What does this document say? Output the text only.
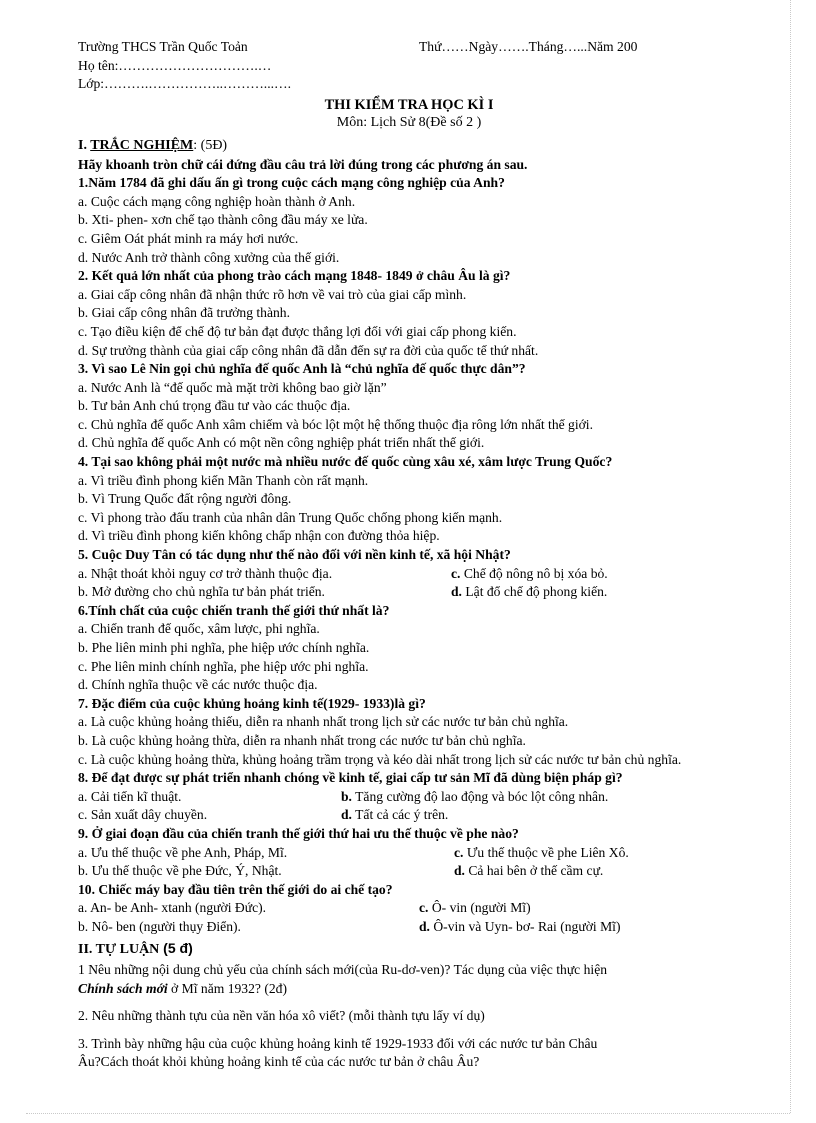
Trường THCS Trần Quốc Toản	Thứ……Ngày…….Tháng…...Năm 200
Họ tên:………………………….…
Lớp:……….……………..………...….
THI KIỂM TRA HỌC KÌ I
Môn: Lịch Sử 8(Đề số 2 )
I. TRẮC NGHIỆM: (5Đ)
Hãy khoanh tròn chữ cái đứng đầu câu trả lời đúng trong các phương án sau.
1.Năm 1784 đã ghi dấu ấn gì trong cuộc cách mạng công nghiệp của Anh?
a. Cuộc cách mạng công nghiệp hoàn thành ở Anh.
b. Xti- phen- xơn chế tạo thành công đầu máy xe lửa.
c. Giêm Oát phát minh ra máy hơi nước.
d. Nước Anh trở thành công xưởng của thế giới.
2. Kết quả lớn nhất của phong trào cách mạng 1848- 1849 ở châu Âu là gì?
a. Giai cấp công nhân đã nhận thức rõ hơn về vai trò của giai cấp mình.
b. Giai cấp công nhân đã trưởng thành.
c. Tạo điều kiện để chế độ tư bản đạt được thắng lợi đối với giai cấp phong kiến.
d. Sự trưởng thành của giai cấp công nhân đã dẫn đến sự ra đời của quốc tế thứ nhất.
3. Vì sao Lê Nin gọi chủ nghĩa đế quốc Anh là “chủ nghĩa đế quốc thực dân”?
a. Nước Anh là “đế quốc mà mặt trời không bao giờ lặn”
b. Tư bản Anh chú trọng đầu tư vào các thuộc địa.
c. Chủ nghĩa đế quốc Anh xâm chiếm và bóc lột một hệ thống thuộc địa rông lớn nhất thế giới.
d. Chủ nghĩa đế quốc Anh có một nền công nghiệp phát triển nhất thế giới.
4. Tại sao không phải một nước mà nhiều nước đế quốc cùng xâu xé, xâm lược Trung Quốc?
a. Vì triều đình phong kiến Mãn Thanh còn rất mạnh.
b. Vì Trung Quốc đất rộng người đông.
c. Vì phong trào đấu tranh của nhân dân Trung Quốc chống phong kiến mạnh.
d. Vì triều đình phong kiến không chấp nhận con đường thỏa hiệp.
5. Cuộc Duy Tân có tác dụng như thế nào đối với nền kinh tế, xã hội Nhật?
a. Nhật thoát khỏi nguy cơ trở thành thuộc địa.	c. Chế độ nông nô bị xóa bỏ.
b. Mở đường cho chủ nghĩa tư bản phát triển.	d. Lật đổ chế độ phong kiến.
6.Tính chất của cuộc chiến tranh thế giới thứ nhất là?
a. Chiến tranh đế quốc, xâm lược, phi nghĩa.
b. Phe liên minh phi nghĩa, phe hiệp ước chính nghĩa.
c. Phe liên minh chính nghĩa, phe hiệp ước phi nghĩa.
d. Chính nghĩa thuộc về các nước thuộc địa.
7. Đặc điểm của cuộc khủng hoảng kinh tế(1929- 1933)là gì?
a. Là cuộc khủng hoảng thiếu, diễn ra nhanh nhất trong lịch sử các nước tư bản chủ nghĩa.
b. Là cuộc khủng hoảng thừa, diễn ra nhanh nhất trong các nước tư bản chủ nghĩa.
c. Là cuộc khủng hoảng thừa, khủng hoảng trầm trọng và kéo dài nhất trong lịch sử các nước tư bản chủ nghĩa.
8. Để đạt được sự phát triển nhanh chóng về kinh tế, giai cấp tư sản Mĩ đã dùng biện pháp gì?
a. Cải tiến kĩ thuật.	b. Tăng cường độ lao động và bóc lột công nhân.
c. Sản xuất dây chuyền.	d. Tất cả các ý trên.
9. Ở giai đoạn đầu của chiến tranh thế giới thứ hai ưu thế thuộc về phe nào?
a. Ưu thế thuộc về phe Anh, Pháp, Mĩ.	c. Ưu thế thuộc về phe Liên Xô.
b. Ưu thế thuộc về phe Đức, Ý, Nhật.	d. Cả hai bên ở thế cầm cự.
10. Chiếc máy bay đầu tiên trên thế giới do ai chế tạo?
a. An- be Anh- xtanh (người Đức).	c. Ô- vin (người Mĩ)
b. Nô- ben (người thụy Điển).	d. Ô-vin và Uyn- bơ- Rai (người Mĩ)
II. TỰ LUẬN (5 đ)
1 Nêu những nội dung chủ yếu của chính sách mới(của Ru-dơ-ven)? Tác dụng của việc thực hiện
Chính sách mới ở Mĩ năm 1932? (2đ)
2. Nêu những thành tựu của nền văn hóa xô viết? (mỗi thành tựu lấy ví dụ)
3. Trình bày những hậu của cuộc khủng hoảng kinh tế 1929-1933 đối với các nước tư bản Châu
Âu?Cách thoát khỏi khủng hoảng kinh tế của các nước tư bản ở châu Âu?
